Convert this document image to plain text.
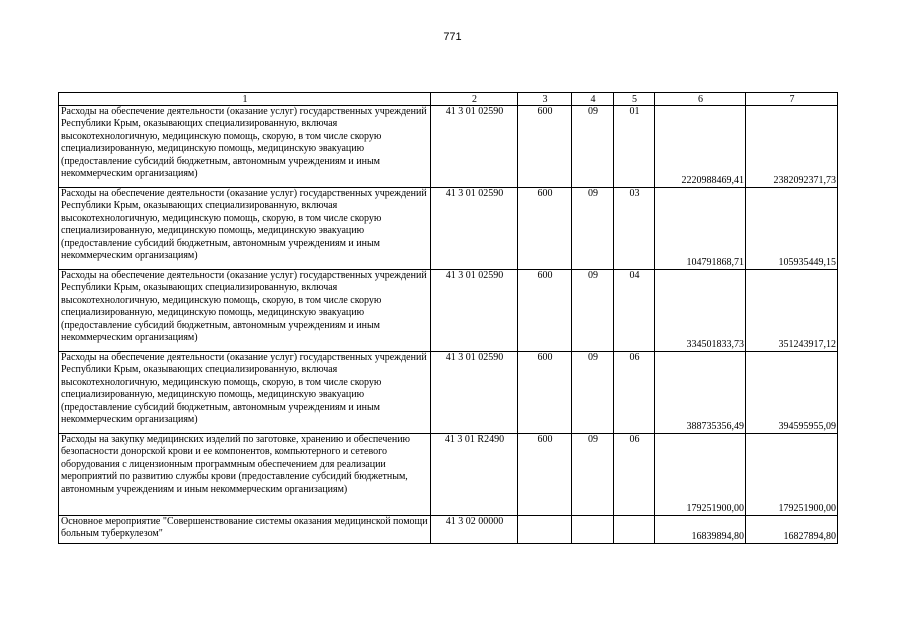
771
1	2	3	4	5	6	7
Расходы на обеспечение деятельности (оказание услуг) государственных учреждений Республики Крым, оказывающих специализированную, включая высокотехнологичную, медицинскую помощь, скорую, в том числе скорую специализированную, медицинскую помощь, медицинскую эвакуацию (предоставление субсидий бюджетным, автономным учреждениям и иным некоммерческим организациям)	41 3 01 02590	600	09	01	2220988469,41	2382092371,73
Расходы на обеспечение деятельности (оказание услуг) государственных учреждений Республики Крым, оказывающих специализированную, включая высокотехнологичную, медицинскую помощь, скорую, в том числе скорую специализированную, медицинскую помощь, медицинскую эвакуацию (предоставление субсидий бюджетным, автономным учреждениям и иным некоммерческим организациям)	41 3 01 02590	600	09	03	104791868,71	105935449,15
Расходы на обеспечение деятельности (оказание услуг) государственных учреждений Республики Крым, оказывающих специализированную, включая высокотехнологичную, медицинскую помощь, скорую, в том числе скорую специализированную, медицинскую помощь, медицинскую эвакуацию (предоставление субсидий бюджетным, автономным учреждениям и иным некоммерческим организациям)	41 3 01 02590	600	09	04	334501833,73	351243917,12
Расходы на обеспечение деятельности (оказание услуг) государственных учреждений Республики Крым, оказывающих специализированную, включая высокотехнологичную, медицинскую помощь, скорую, в том числе скорую специализированную, медицинскую помощь, медицинскую эвакуацию (предоставление субсидий бюджетным, автономным учреждениям и иным некоммерческим организациям)	41 3 01 02590	600	09	06	388735356,49	394595955,09
Расходы на закупку медицинских изделий по заготовке, хранению и обеспечению безопасности донорской крови и ее компонентов, компьютерного и сетевого оборудования с лицензионным программным обеспечением для реализации мероприятий по развитию службы крови (предоставление субсидий бюджетным, автономным учреждениям и иным некоммерческим организациям)	41 3 01 R2490	600	09	06	179251900,00	179251900,00
Основное мероприятие "Совершенствование системы оказания медицинской помощи больным туберкулезом"	41 3 02 00000				16839894,80	16827894,80
